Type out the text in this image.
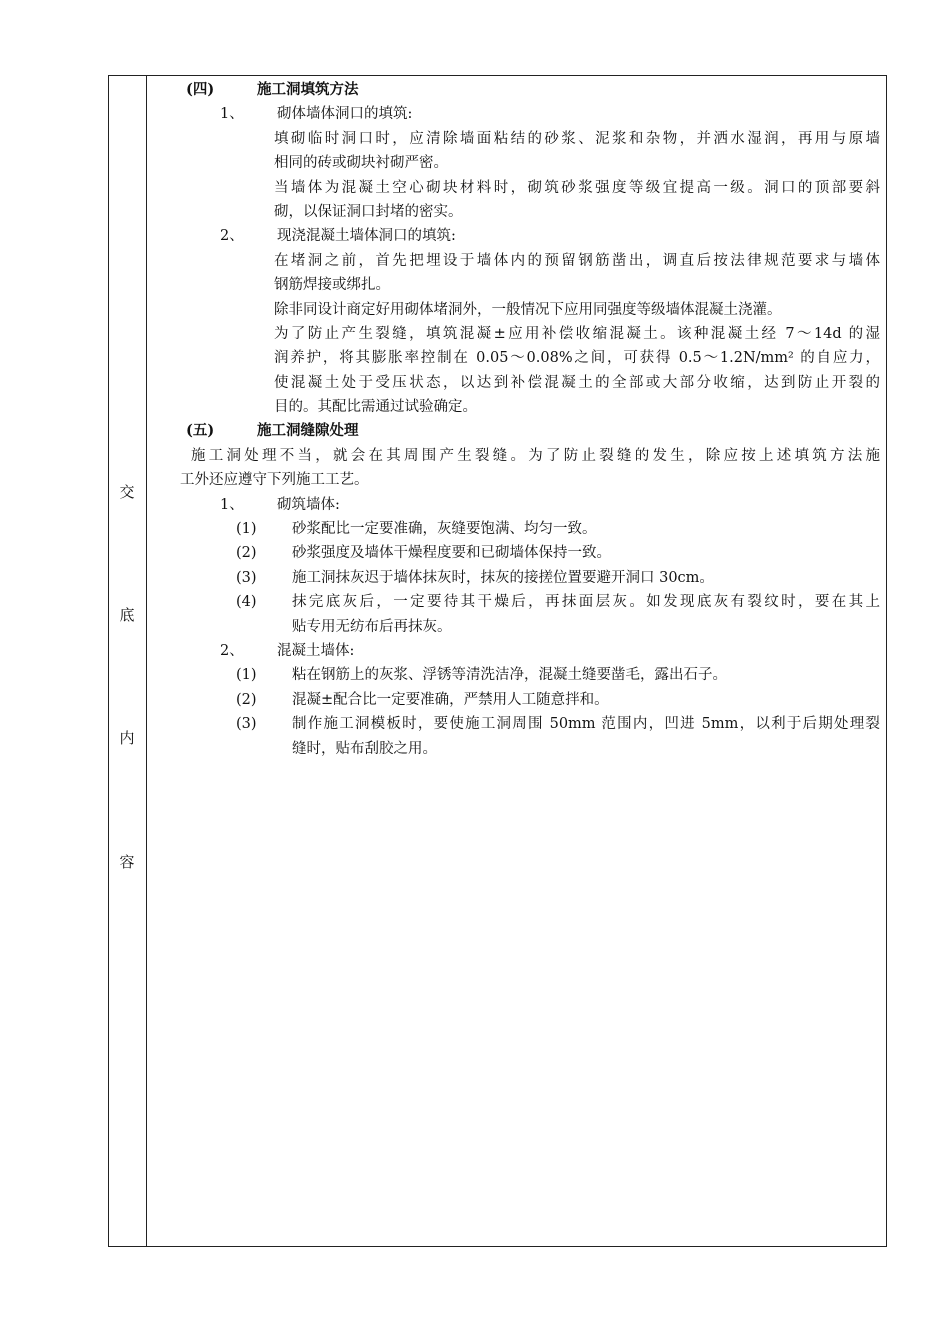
交
底
内
容
(四)	施工洞填筑方法
1、 砌体墙体洞口的填筑:
填砌临时洞口时，应清除墙面粘结的砂浆、泥浆和杂物，并洒水湿润，再用与原墙
相同的砖或砌块衬砌严密。
当墙体为混凝土空心砌块材料时，砌筑砂浆强度等级宜提高一级。洞口的顶部要斜
砌，以保证洞口封堵的密实。
2、 现浇混凝土墙体洞口的填筑:
在堵洞之前，首先把埋设于墙体内的预留钢筋凿出，调直后按法律规范要求与墙体
钢筋焊接或绑扎。
除非同设计商定好用砌体堵洞外，一般情况下应用同强度等级墙体混凝土浇灌。
为了防止产生裂缝，填筑混凝±应用补偿收缩混凝土。该种混凝土经 7～14d 的湿
润养护，将其膨胀率控制在 0.05～0.08%之间，可获得 0.5～1.2N/mm² 的自应力，
使混凝土处于受压状态，以达到补偿混凝土的全部或大部分收缩，达到防止开裂的
目的。其配比需通过试验确定。
(五)	施工洞缝隙处理
施工洞处理不当，就会在其周围产生裂缝。为了防止裂缝的发生，除应按上述填筑方法施
工外还应遵守下列施工工艺。
1、 砌筑墙体:
(1) 砂浆配比一定要准确，灰缝要饱满、均匀一致。
(2) 砂浆强度及墙体干燥程度要和已砌墙体保持一致。
(3) 施工洞抹灰迟于墙体抹灰时，抹灰的接搓位置要避开洞口 30cm。
(4) 抹完底灰后，一定要待其干燥后，再抹面层灰。如发现底灰有裂纹时，要在其上
贴专用无纺布后再抹灰。
2、 混凝土墙体:
(1) 粘在钢筋上的灰浆、浮锈等清洗洁净，混凝土缝要凿毛，露出石子。
(2) 混凝±配合比一定要准确，严禁用人工随意拌和。
(3) 制作施工洞模板时，要使施工洞周围 50mm 范围内，凹进 5mm，以利于后期处理裂
缝时，贴布刮胶之用。
